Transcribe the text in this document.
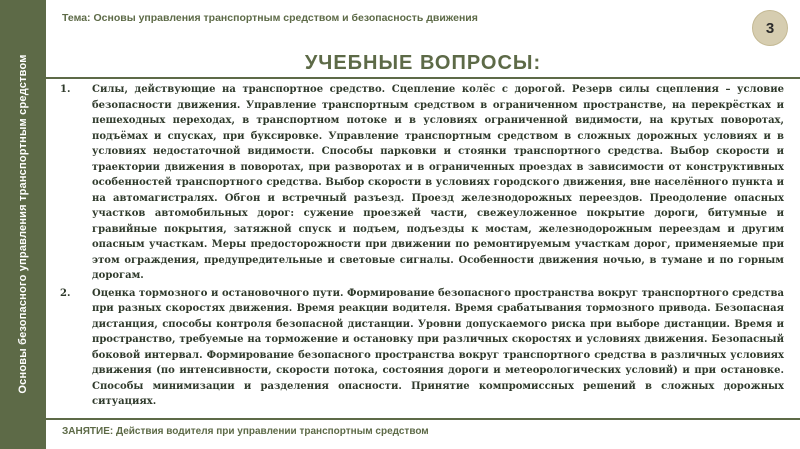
Основы безопасного управления транспортным средством
Тема: Основы управления транспортным средством и безопасность движения
3
УЧЕБНЫЕ ВОПРОСЫ:
1.	Силы, действующие на транспортное средство. Сцепление колёс с дорогой. Резерв силы сцепления – условие безопасности движения. Управление транспортным средством в ограниченном пространстве, на перекрёстках и пешеходных переходах, в транспортном потоке и в условиях ограниченной видимости, на крутых поворотах, подъёмах и спусках, при буксировке. Управление транспортным средством в сложных дорожных условиях и в условиях недостаточной видимости. Способы парковки и стоянки транспортного средства. Выбор скорости и траектории движения в поворотах, при разворотах и в ограниченных проездах в зависимости от конструктивных особенностей транспортного средства. Выбор скорости в условиях городского движения, вне населённого пункта и на автомагистралях. Обгон и встречный разъезд. Проезд железнодорожных переездов. Преодоление опасных участков автомобильных дорог: сужение проезжей части, свежеуложенное покрытие дороги, битумные и гравийные покрытия, затяжной спуск и подъем, подъезды к мостам, железнодорожным переездам и другим опасным участкам. Меры предосторожности при движении по ремонтируемым участкам дорог, применяемые при этом ограждения, предупредительные и световые сигналы. Особенности движения ночью, в тумане и по горным дорогам.
2.	Оценка тормозного и остановочного пути. Формирование безопасного пространства вокруг транспортного средства при разных скоростях движения. Время реакции водителя. Время срабатывания тормозного привода. Безопасная дистанция, способы контроля безопасной дистанции. Уровни допускаемого риска при выборе дистанции. Время и пространство, требуемые на торможение и остановку при различных скоростях и условиях движения. Безопасный боковой интервал. Формирование безопасного пространства вокруг транспортного средства в различных условиях движения (по интенсивности, скорости потока, состояния дороги и метеорологических условий) и при остановке. Способы минимизации и разделения опасности. Принятие компромиссных решений в сложных дорожных ситуациях.
ЗАНЯТИЕ: Действия водителя при управлении транспортным средством
